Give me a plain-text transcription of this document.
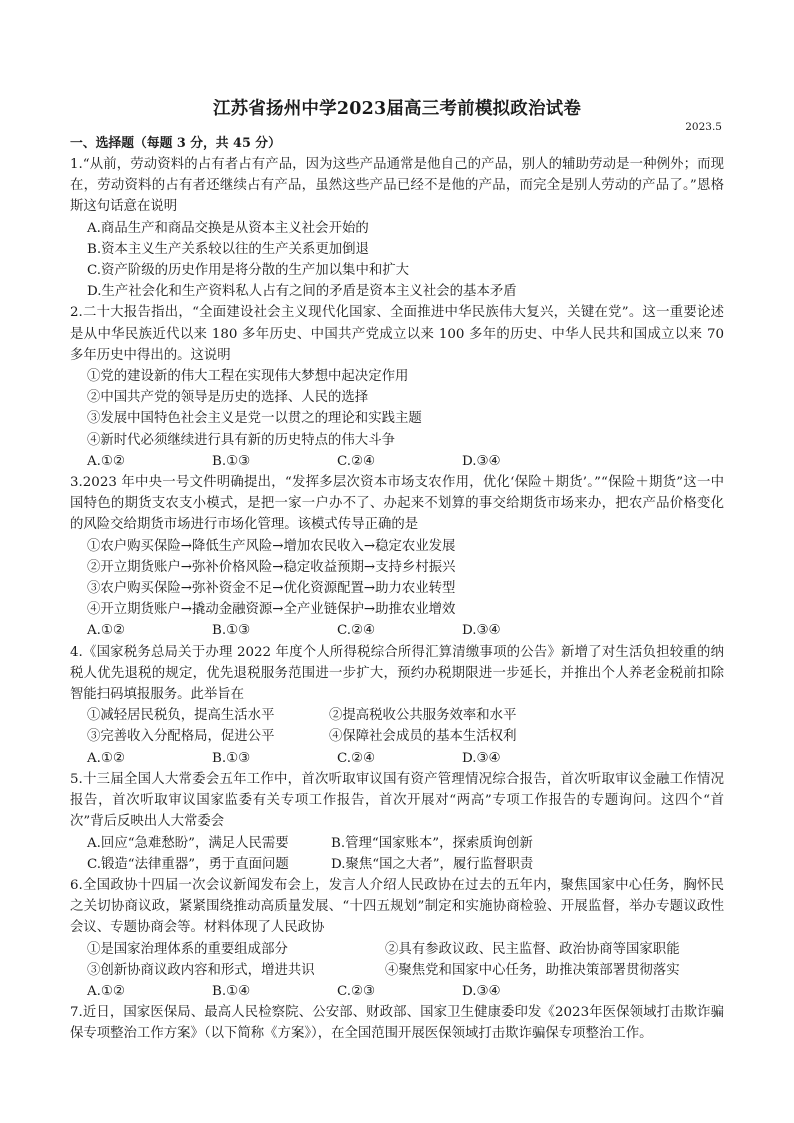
江苏省扬州中学2023届高三考前模拟政治试卷
2023.5
一、选择题（每题 3 分，共 45 分）
1.“从前，劳动资料的占有者占有产品，因为这些产品通常是他自己的产品，别人的辅助劳动是一种例外；而现在，劳动资料的占有者还继续占有产品，虽然这些产品已经不是他的产品，而完全是别人劳动的产品了。”恩格斯这句话意在说明
A.商品生产和商品交换是从资本主义社会开始的
B.资本主义生产关系较以往的生产关系更加倒退
C.资产阶级的历史作用是将分散的生产加以集中和扩大
D.生产社会化和生产资料私人占有之间的矛盾是资本主义社会的基本矛盾
2.二十大报告指出，“全面建设社会主义现代化国家、全面推进中华民族伟大复兴，关键在党”。这一重要论述是从中华民族近代以来 180 多年历史、中国共产党成立以来 100 多年的历史、中华人民共和国成立以来 70 多年历史中得出的。这说明
①党的建设新的伟大工程在实现伟大梦想中起决定作用
②中国共产党的领导是历史的选择、人民的选择
③发展中国特色社会主义是党一以贯之的理论和实践主题
④新时代必须继续进行具有新的历史特点的伟大斗争
A.①②	B.①③	C.②④	D.③④
3.2023 年中央一号文件明确提出，“发挥多层次资本市场支农作用，优化‘保险＋期货’。”“保险＋期货”这一中国特色的期货支农支小模式，是把一家一户办不了、办起来不划算的事交给期货市场来办，把农产品价格变化的风险交给期货市场进行市场化管理。该模式传导正确的是
①农户购买保险→降低生产风险→增加农民收入→稳定农业发展
②开立期货账户→弥补价格风险→稳定收益预期→支持乡村振兴
③农户购买保险→弥补资金不足→优化资源配置→助力农业转型
④开立期货账户→撬动金融资源→全产业链保护→助推农业增效
A.①②	B.①③	C.②④	D.③④
4.《国家税务总局关于办理 2022 年度个人所得税综合所得汇算清缴事项的公告》新增了对生活负担较重的纳税人优先退税的规定，优先退税服务范围进一步扩大，预约办税期限进一步延长，并推出个人养老金税前扣除智能扫码填报服务。此举旨在
①减轻居民税负，提高生活水平	②提高税收公共服务效率和水平
③完善收入分配格局，促进公平	④保障社会成员的基本生活权利
A.①②	B.①③	C.②④	D.③④
5.十三届全国人大常委会五年工作中，首次听取审议国有资产管理情况综合报告，首次听取审议金融工作情况报告，首次听取审议国家监委有关专项工作报告，首次开展对“两高”专项工作报告的专题询问。这四个“首次”背后反映出人大常委会
A.回应“急难愁盼”，满足人民需要	B.管理“国家账本”，探索质询创新
C.锻造“法律重器”，勇于直面问题	D.聚焦“国之大者”，履行监督职责
6.全国政协十四届一次会议新闻发布会上，发言人介绍人民政协在过去的五年内，聚焦国家中心任务，胸怀民之关切协商议政，紧紧围绕推动高质量发展、“十四五规划”制定和实施协商检验、开展监督，举办专题议政性会议、专题协商会等。材料体现了人民政协
①是国家治理体系的重要组成部分	②具有参政议政、民主监督、政治协商等国家职能
③创新协商议政内容和形式，增进共识	④聚焦党和国家中心任务，助推决策部署贯彻落实
A.①②	B.①④	C.②③	D.③④
7.近日，国家医保局、最高人民检察院、公安部、财政部、国家卫生健康委印发《2023年医保领域打击欺诈骗保专项整治工作方案》（以下简称《方案》），在全国范围开展医保领域打击欺诈骗保专项整治工作。
